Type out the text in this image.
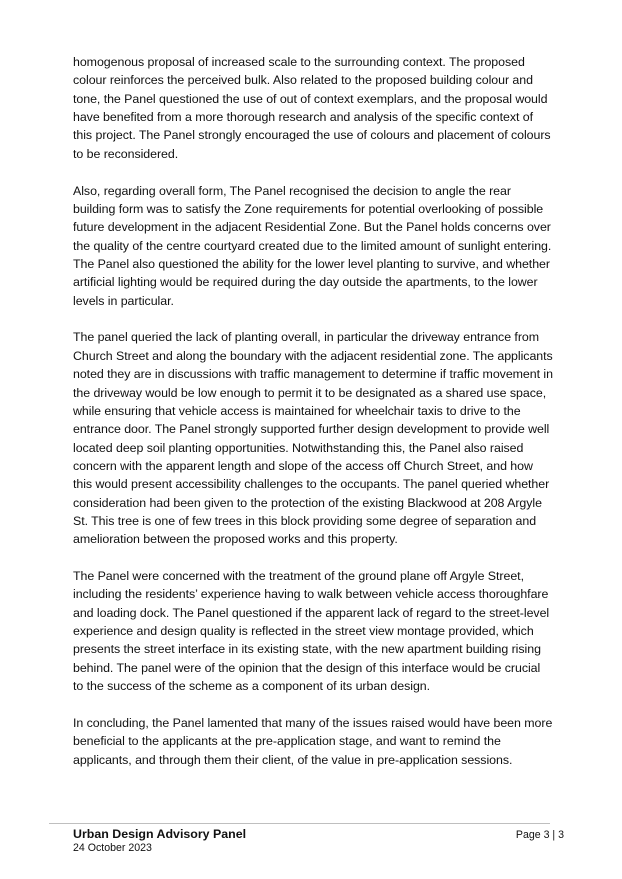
homogenous proposal of increased scale to the surrounding context. The proposed colour reinforces the perceived bulk. Also related to the proposed building colour and tone, the Panel questioned the use of out of context exemplars, and the proposal would have benefited from a more thorough research and analysis of the specific context of this project. The Panel strongly encouraged the use of colours and placement of colours to be reconsidered.

Also, regarding overall form, The Panel recognised the decision to angle the rear building form was to satisfy the Zone requirements for potential overlooking of possible future development in the adjacent Residential Zone. But the Panel holds concerns over the quality of the centre courtyard created due to the limited amount of sunlight entering. The Panel also questioned the ability for the lower level planting to survive, and whether artificial lighting would be required during the day outside the apartments, to the lower levels in particular.

The panel queried the lack of planting overall, in particular the driveway entrance from Church Street and along the boundary with the adjacent residential zone. The applicants noted they are in discussions with traffic management to determine if traffic movement in the driveway would be low enough to permit it to be designated as a shared use space, while ensuring that vehicle access is maintained for wheelchair taxis to drive to the entrance door. The Panel strongly supported further design development to provide well located deep soil planting opportunities. Notwithstanding this, the Panel also raised concern with the apparent length and slope of the access off Church Street, and how this would present accessibility challenges to the occupants. The panel queried whether consideration had been given to the protection of the existing Blackwood at 208 Argyle St. This tree is one of few trees in this block providing some degree of separation and amelioration between the proposed works and this property.

The Panel were concerned with the treatment of the ground plane off Argyle Street, including the residents’ experience having to walk between vehicle access thoroughfare and loading dock. The Panel questioned if the apparent lack of regard to the street-level experience and design quality is reflected in the street view montage provided, which presents the street interface in its existing state, with the new apartment building rising behind. The panel were of the opinion that the design of this interface would be crucial to the success of the scheme as a component of its urban design.

In concluding, the Panel lamented that many of the issues raised would have been more beneficial to the applicants at the pre-application stage, and want to remind the applicants, and through them their client, of the value in pre-application sessions.

Urban Design Advisory Panel
24 October 2023
Page 3 | 3
